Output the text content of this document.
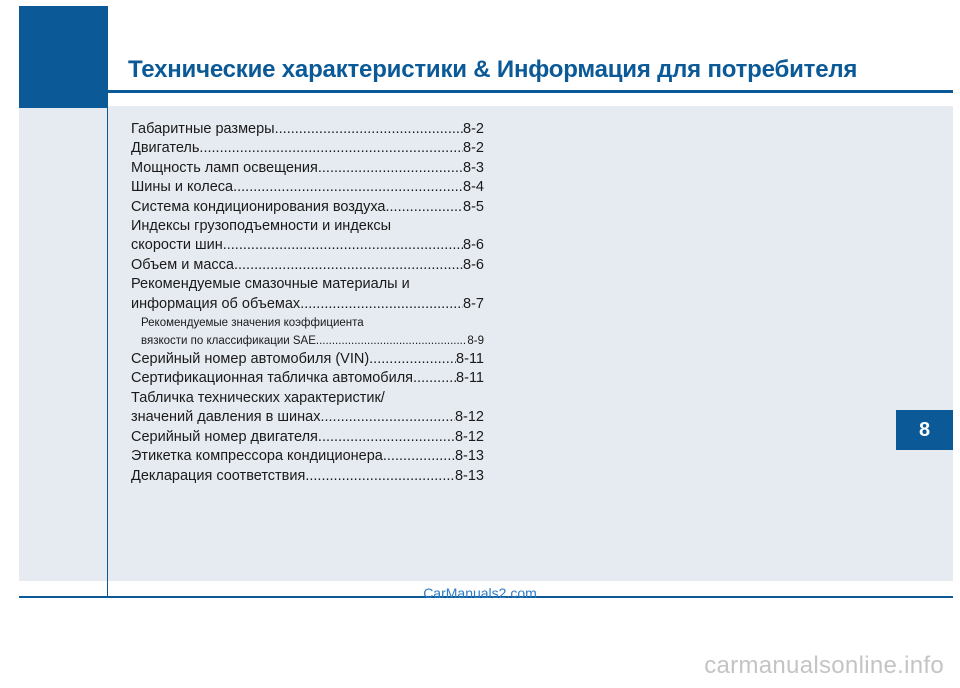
Технические характеристики & Информация для потребителя
8
Габаритные размеры .....	8-2
Двигатель .....	8-2
Мощность ламп освещения .....	8-3
Шины и колеса .....	8-4
Система кондиционирования воздуха .....	8-5
Индексы грузоподъемности и индексы
скорости шин .....	8-6
Объем и масса .....	8-6
Рекомендуемые смазочные материалы и
информация об объемах .....	8-7
Рекомендуемые значения коэффициента
вязкости по классификации SAE .....	8-9
Серийный номер автомобиля (VIN) .....	8-11
Сертификационная табличка автомобиля .....	8-11
Табличка технических характеристик/
значений давления в шинах .....	8-12
Серийный номер двигателя .....	8-12
Этикетка компрессора кондиционера .....	8-13
Декларация соответствия .....	8-13
CarManuals2.com
carmanualsonline.info
